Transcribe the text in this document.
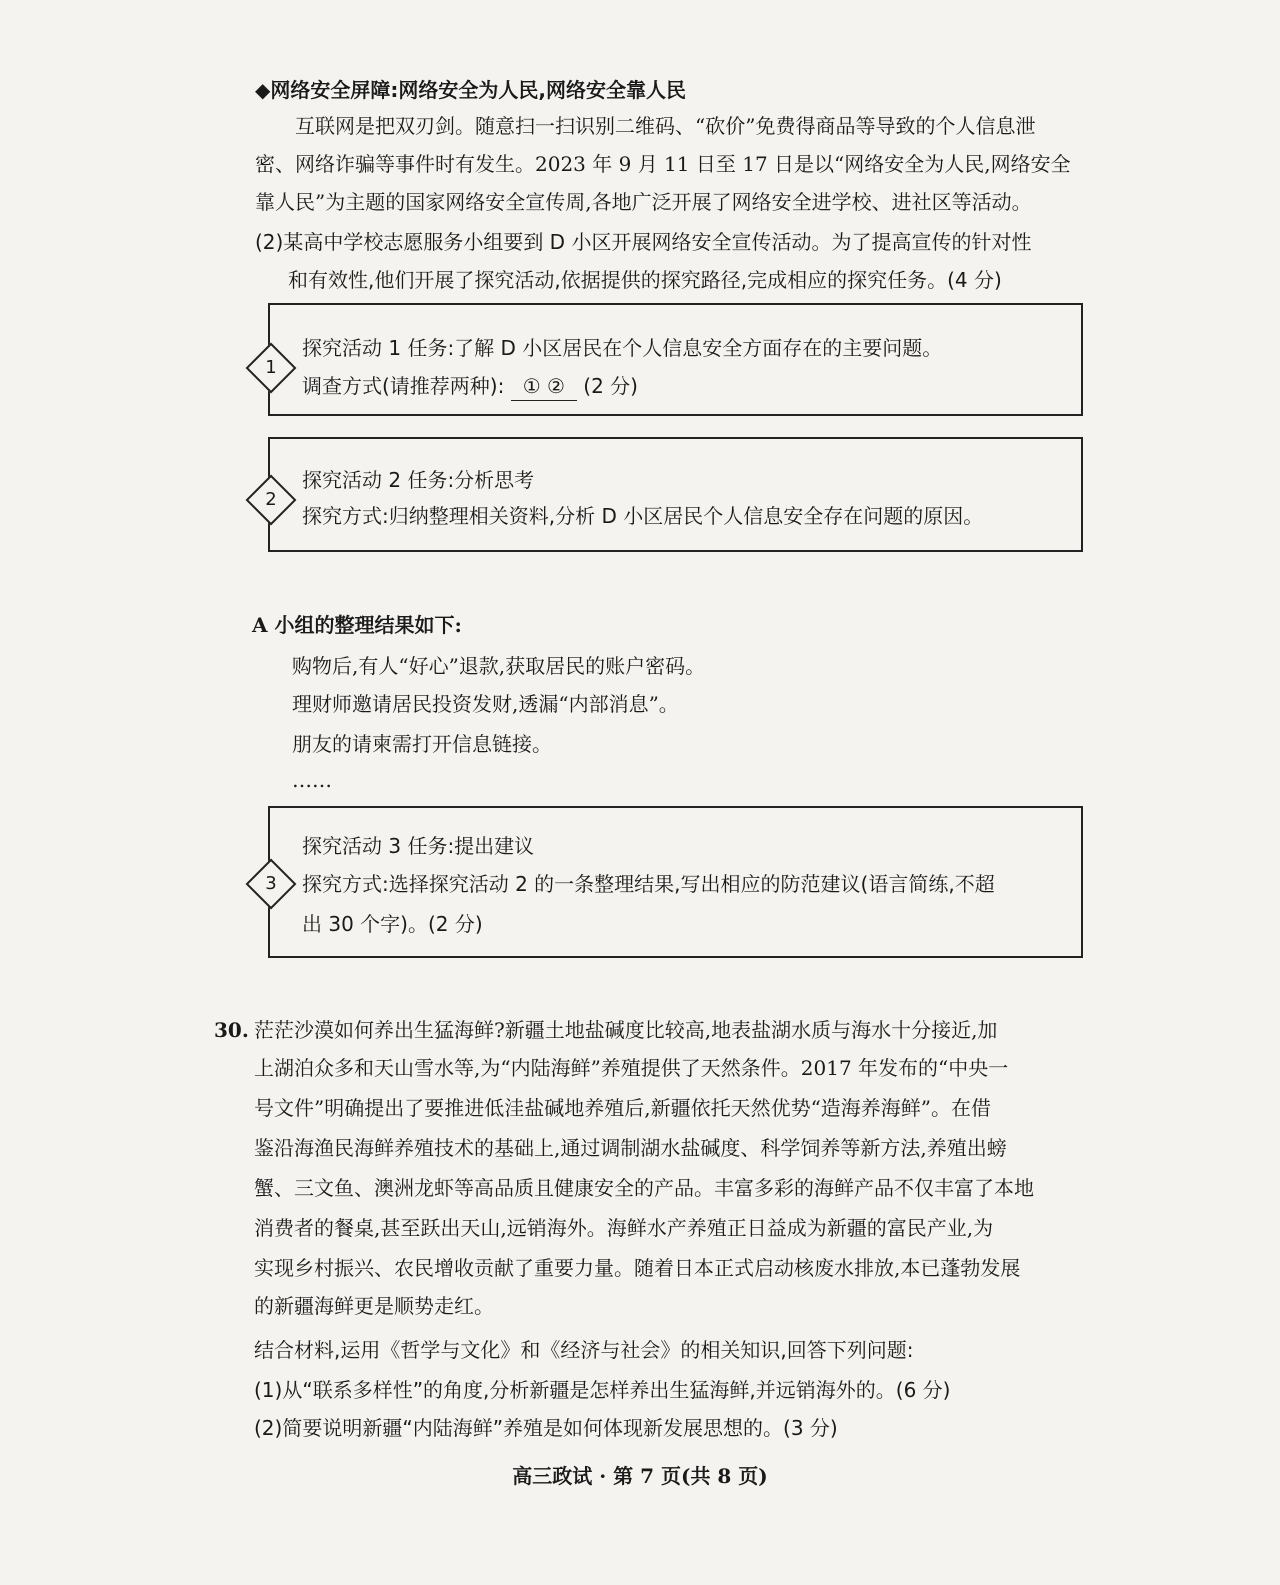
◆网络安全屏障:网络安全为人民,网络安全靠人民
互联网是把双刃剑。随意扫一扫识别二维码、“砍价”免费得商品等导致的个人信息泄
密、网络诈骗等事件时有发生。2023 年 9 月 11 日至 17 日是以“网络安全为人民,网络安全
靠人民”为主题的国家网络安全宣传周,各地广泛开展了网络安全进学校、进社区等活动。
(2)某高中学校志愿服务小组要到 D 小区开展网络安全宣传活动。为了提高宣传的针对性
和有效性,他们开展了探究活动,依据提供的探究路径,完成相应的探究任务。(4 分)
1
探究活动 1 任务:了解 D 小区居民在个人信息安全方面存在的主要问题。
调查方式(请推荐两种): ① ② (2 分)
2
探究活动 2 任务:分析思考
探究方式:归纳整理相关资料,分析 D 小区居民个人信息安全存在问题的原因。
A 小组的整理结果如下:
购物后,有人“好心”退款,获取居民的账户密码。
理财师邀请居民投资发财,透漏“内部消息”。
朋友的请柬需打开信息链接。
……
3
探究活动 3 任务:提出建议
探究方式:选择探究活动 2 的一条整理结果,写出相应的防范建议(语言简练,不超
出 30 个字)。(2 分)
30. 茫茫沙漠如何养出生猛海鲜?新疆土地盐碱度比较高,地表盐湖水质与海水十分接近,加
上湖泊众多和天山雪水等,为“内陆海鲜”养殖提供了天然条件。2017 年发布的“中央一
号文件”明确提出了要推进低洼盐碱地养殖后,新疆依托天然优势“造海养海鲜”。在借
鉴沿海渔民海鲜养殖技术的基础上,通过调制湖水盐碱度、科学饲养等新方法,养殖出螃
蟹、三文鱼、澳洲龙虾等高品质且健康安全的产品。丰富多彩的海鲜产品不仅丰富了本地
消费者的餐桌,甚至跃出天山,远销海外。海鲜水产养殖正日益成为新疆的富民产业,为
实现乡村振兴、农民增收贡献了重要力量。随着日本正式启动核废水排放,本已蓬勃发展
的新疆海鲜更是顺势走红。
结合材料,运用《哲学与文化》和《经济与社会》的相关知识,回答下列问题:
(1)从“联系多样性”的角度,分析新疆是怎样养出生猛海鲜,并远销海外的。(6 分)
(2)简要说明新疆“内陆海鲜”养殖是如何体现新发展思想的。(3 分)
高三政试 · 第 7 页(共 8 页)
